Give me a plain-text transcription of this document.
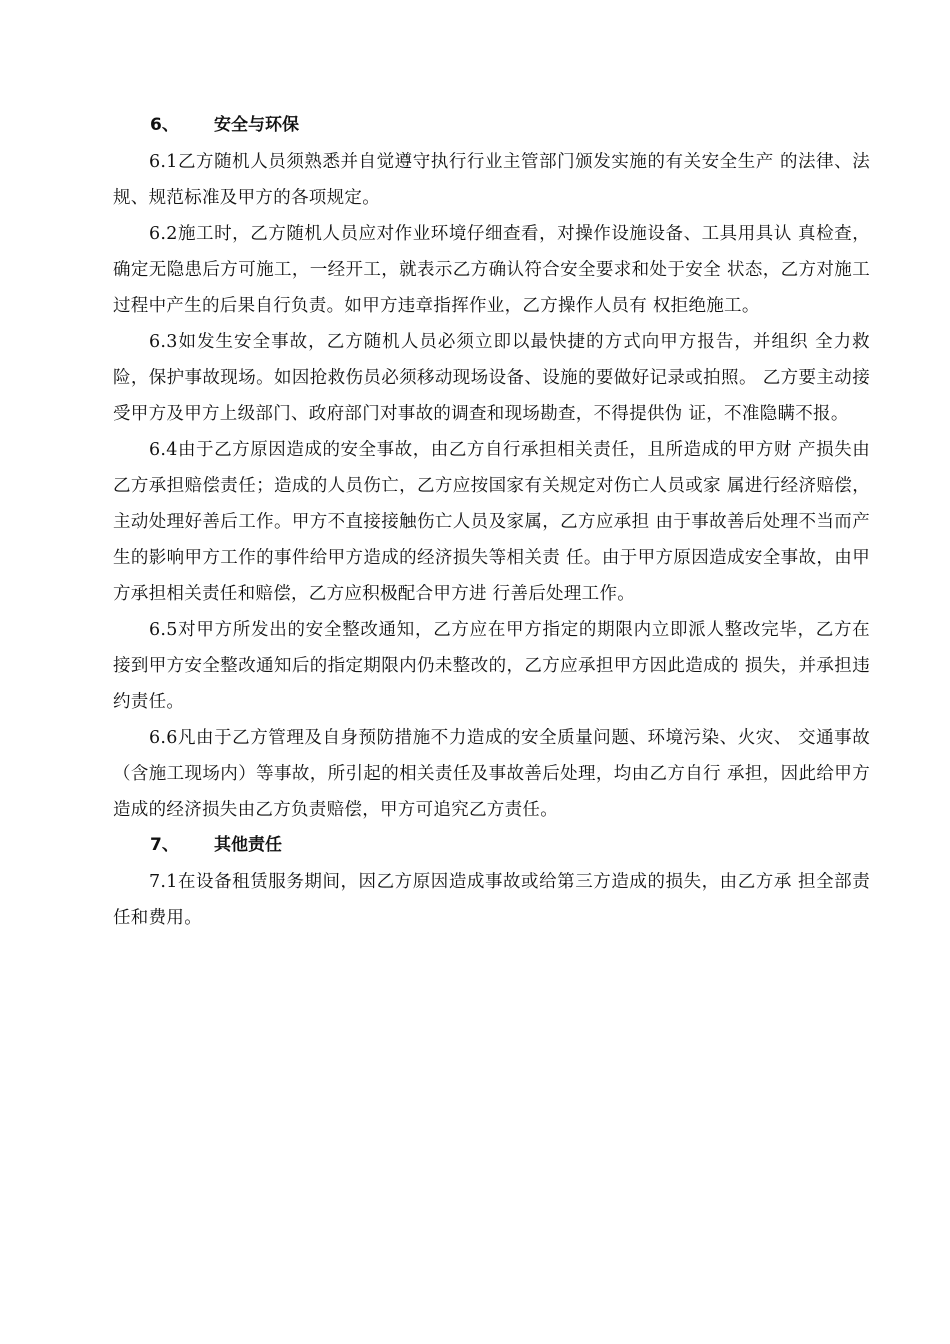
6、 安全与环保

6.1乙方随机人员须熟悉并自觉遵守执行行业主管部门颁发实施的有关安全生产 的法律、法规、规范标准及甲方的各项规定。

6.2施工时，乙方随机人员应对作业环境仔细查看，对操作设施设备、工具用具认 真检查，确定无隐患后方可施工，一经开工，就表示乙方确认符合安全要求和处于安全 状态，乙方对施工过程中产生的后果自行负责。如甲方违章指挥作业，乙方操作人员有 权拒绝施工。

6.3如发生安全事故，乙方随机人员必须立即以最快捷的方式向甲方报告，并组织 全力救险，保护事故现场。如因抢救伤员必须移动现场设备、设施的要做好记录或拍照。 乙方要主动接受甲方及甲方上级部门、政府部门对事故的调查和现场勘查，不得提供伪 证，不准隐瞒不报。

6.4由于乙方原因造成的安全事故，由乙方自行承担相关责任，且所造成的甲方财 产损失由乙方承担赔偿责任；造成的人员伤亡，乙方应按国家有关规定对伤亡人员或家 属进行经济赔偿，主动处理好善后工作。甲方不直接接触伤亡人员及家属，乙方应承担 由于事故善后处理不当而产生的影响甲方工作的事件给甲方造成的经济损失等相关责 任。由于甲方原因造成安全事故，由甲方承担相关责任和赔偿，乙方应积极配合甲方进 行善后处理工作。

6.5对甲方所发出的安全整改通知，乙方应在甲方指定的期限内立即派人整改完毕，乙方在接到甲方安全整改通知后的指定期限内仍未整改的，乙方应承担甲方因此造成的 损失，并承担违约责任。

6.6凡由于乙方管理及自身预防措施不力造成的安全质量问题、环境污染、火灾、 交通事故（含施工现场内）等事故，所引起的相关责任及事故善后处理，均由乙方自行 承担，因此给甲方造成的经济损失由乙方负责赔偿，甲方可追究乙方责任。

7、 其他责任

7.1在设备租赁服务期间，因乙方原因造成事故或给第三方造成的损失，由乙方承 担全部责任和费用。
